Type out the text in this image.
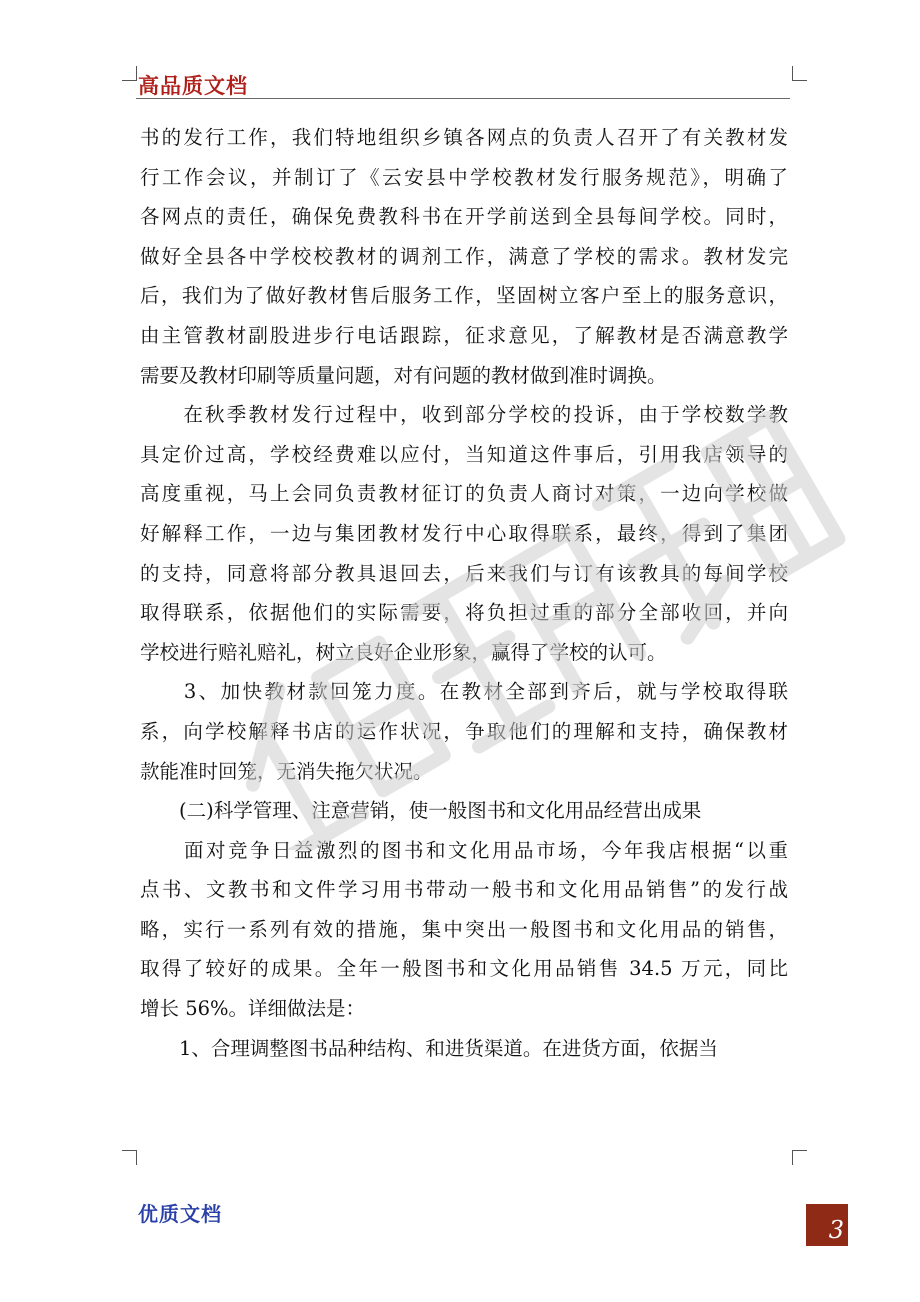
高品质文档
书的发行工作，我们特地组织乡镇各网点的负责人召开了有关教材发
行工作会议，并制订了《云安县中学校教材发行服务规范》，明确了
各网点的责任，确保免费教科书在开学前送到全县每间学校。同时，
做好全县各中学校校教材的调剂工作，满意了学校的需求。教材发完
后，我们为了做好教材售后服务工作，坚固树立客户至上的服务意识，
由主管教材副股进步行电话跟踪，征求意见，了解教材是否满意教学
需要及教材印刷等质量问题，对有问题的教材做到准时调换。
　　在秋季教材发行过程中，收到部分学校的投诉，由于学校数学教
具定价过高，学校经费难以应付，当知道这件事后，引用我店领导的
高度重视，马上会同负责教材征订的负责人商讨对策，一边向学校做
好解释工作，一边与集团教材发行中心取得联系，最终，得到了集团
的支持，同意将部分教具退回去，后来我们与订有该教具的每间学校
取得联系，依据他们的实际需要，将负担过重的部分全部收回，并向
学校进行赔礼赔礼，树立良好企业形象，赢得了学校的认可。
　　3、加快教材款回笼力度。在教材全部到齐后，就与学校取得联
系，向学校解释书店的运作状况，争取他们的理解和支持，确保教材
款能准时回笼，无消失拖欠状况。
　　(二)科学管理、注意营销，使一般图书和文化用品经营出成果
　　面对竞争日益激烈的图书和文化用品市场，今年我店根据“以重
点书、文教书和文件学习用书带动一般书和文化用品销售”的发行战
略，实行一系列有效的措施，集中突出一般图书和文化用品的销售，
取得了较好的成果。全年一般图书和文化用品销售 34.5 万元，同比
增长 56%。详细做法是：
　　1、合理调整图书品种结构、和进货渠道。在进货方面，依据当
优质文档
3
